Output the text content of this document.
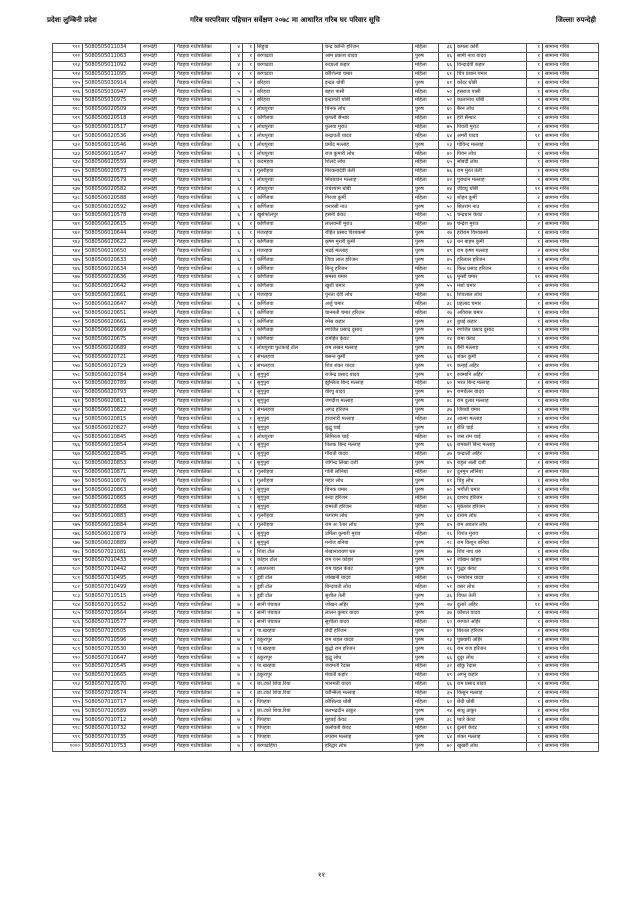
प्रदेशः लुम्बिनी प्रदेश	गरिब घरपरिवार पहिचान सर्वेक्षण २०७८ मा आधारित गरिब घर परिवार सूचि	जिल्लाः रुपन्देही
९२१	5080505011034	रुपन्देही	गैडहवा गाउँपालिका	४	१	सिहुवा	चन्द्र कान्ति हरिजन	महिला	३६	कमला कोरी	१	सामान्य गरिब
९२२	5080505011063	रुपन्देही	गैडहवा गाउँपालिका	४	१	बरगाढवा	आम प्रकाश यादव	पुरुष	४६	सामी नाथ यादव	१	सामान्य गरिब
९२३	5080505011092	रुपन्देही	गैडहवा गाउँपालिका	४	१	बरगाढवा	रुदयलो कहार	महिला	६६	विन्दादेवी कहार	१	सामान्य गरिब
९२४	5080505011095	रुपन्देही	गैडहवा गाउँपालिका	४	१	बरगाढवा	कौशिल्या चमार	महिला	६१	चिप प्रधान चमार	१	सामान्य गरिब
९२५	5080505030914	रुपन्देही	गैडहवा गाउँपालिका	५	२	बरिहवा	इन्द्रत धोबी	पुरुष	४१	कोदर धोबी	१	सामान्य गरिब
९२६	5080505030947	रुपन्देही	गैडहवा गाउँपालिका	५	२	बरिहवा	बहरा पासी	महिला	५०	हसराज पासी	१	सामान्य गरिब
९२७	5080505030975	रुपन्देही	गैडहवा गाउँपालिका	५	२	बरिहवा	इन्द्रावती धोबी	महिला	५२	कालानाथ धोबी	१	सामान्य गरिब
९२८	5080506020509	रुपन्देही	गैडहवा गाउँपालिका	६	१	लोधपुरवा	चिनक लोध	पुरुष	६०	बैरन लोध	१	सामान्य गरिब
९२९	5080506020518	रुपन्देही	गैडहवा गाउँपालिका	६	१	कर्णिजवा	कृपली सैन्धार	महिला	७१	हरी सैन्धार	१	सामान्य गरिब
९३०	5080506010517	रुपन्देही	गैडहवा गाउँपालिका	६	१	लोधपुरवा	फुलवा मुराउ	महिला	७५	पिवती मुराउ	१	सामान्य गरिब
९३१	5080506020536	रुपन्देही	गैडहवा गाउँपालिका	६	१	लोधपुरवा	बन्द्रावती यादव	महिला	६४	अमरी यादव	११	सामान्य गरिब
९३२	5080506010546	रुपन्देही	गैडहवा गाउँपालिका	६	१	लोधपुरवा	प्रमोद मल्लाह	पुरुष	०३	गोविन्द मल्लाह	१	सामान्य गरिब
९३३	5080506010547	रुपन्देही	गैडहवा गाउँपालिका	६	१	लोधपुरवा	राज कुमारी लोध	महिला	४०	पिवन लोध	१	सामान्य गरिब
९३४	5080506020559	रुपन्देही	गैडहवा गाउँपालिका	६	१	कदमहवा	शिलदे लोध	महिला	६५	सोबदी लोध	१	सामान्य गरिब
९३५	5080506020573	रुपन्देही	गैडहवा गाउँपालिका	६	१	गुलरीहवा	पिरकनादेवी तेली	महिला	७६	राम मुरत तेली	१	सामान्य गरिब
९३६	5080506020579	रुपन्देही	गैडहवा गाउँपालिका	६	१	लोधपुरवा	सिवयावन मल्लाह	महिला	४२	पुराधान मल्लाह	१	सामान्य गरिब
९३७	5080506020582	रुपन्देही	गैडहवा गाउँपालिका	६	१	लोधपुरवा	राधेश्याम धोबी	पुरुष	४४	जीवधु धोबी	११	सामान्य गरिब
९३८	5080506020588	रुपन्देही	गैडहवा गाउँपालिका	६	१	कर्णिजवा	गिरजा कुर्मी	महिला	५३	शोहन कुर्मी	२	सामान्य गरिब
९३९	5080506020592	रुपन्देही	गैडहवा गाउँपालिका	६	१	कर्णिजवा	वनारसी नाउ	पुरुष	५०	सितराम नाउ	१	सामान्य गरिब
९४०	5080506010578	रुपन्देही	गैडहवा गाउँपालिका	६	१	खुर्सफोलपुर	हसनी केवट	महिला	५८	चन्द्रधान केवट	१	सामान्य गरिब
९४१	5080506020615	रुपन्देही	गैडहवा गाउँपालिका	६	१	कर्णिजवा	लालवन्ती मुराउ	महिला	४७	चंन्द्रेश मुराउ	२	सामान्य गरिब
९४२	5080506010644	रुपन्देही	गैडहवा गाउँपालिका	६	१	मंजरहवा	रोहित प्रसाद विश्वकर्मा	पुरुष	२७	हरीराम विश्वकर्मा	१	सामान्य गरिब
९४३	5080506020622	रुपन्देही	गैडहवा गाउँपालिका	६	१	कर्णिजवा	कृष्ण मुरारी कुर्मी	पुरुष	६३	धन बाहम कुर्मी	१	सामान्य गरिब
९४४	5080506010650	रुपन्देही	गैडहवा गाउँपालिका	६	१	मंजरहवा	भद्रई मल्लाह	पुरुष	४९	राम कृष्ण मल्लाह	२	सामान्य गरिब
९४५	5080506020633	रुपन्देही	गैडहवा गाउँपालिका	६	१	कर्णिजवा	जिवा लाल हरिजन	पुरुष	४५	हरिलाल हरिजन	१	सामान्य गरिब
९४६	5080506020634	रुपन्देही	गैडहवा गाउँपालिका	६	१	कर्णिजवा	बिन्दु हरिजन	महिला	२८	किश्न प्रसाद हरिजन	१	सामान्य गरिब
९४७	5080506020636	रुपन्देही	गैडहवा गाउँपालिका	६	१	कर्णिजवा	समसा चमार	पुरुष	६६	मुन्सी चमार	११	सामान्य गरिब
९४८	5080506020642	रुपन्देही	गैडहवा गाउँपालिका	६	१	कर्णिजवा	खुशी चमार	पुरुष	५५	मशो चमार	१	सामान्य गरिब
९४९	5080506010661	रुपन्देही	गैडहवा गाउँपालिका	६	१	मंजरहवा	पुनता देवी लोध	महिला	४८	शिवलाल लोध	१	सामान्य गरिब
९५०	5080506020647	रुपन्देही	गैडहवा गाउँपालिका	६	१	कर्णिजवा	अर्जु चमार	महिला	३८	प्रहलाद चमार	१	सामान्य गरिब
९५१	5080506020651	रुपन्देही	गैडहवा गाउँपालिका	६	१	कर्णिजवा	चानमती चमार हरिजन	महिला	२७	अविरास चमार	१	सामान्य गरिब
९५२	5080506020661	रुपन्देही	गैडहवा गाउँपालिका	६	१	कर्णिजवा	रमेस कहार	पुरुष	३१	बुधई कहार	१	सामान्य गरिब
९५३	5080506020669	रुपन्देही	गैडहवा गाउँपालिका	६	१	कर्णिजवा	रणजित प्रसाद दुसाद	पुरुष	४५	रणजित प्रसाद दुसाद	१	सामान्य गरिब
९५४	5080506020675	रुपन्देही	गैडहवा गाउँपालिका	६	१	कर्णिजवा	रामहित केवट	पुरुष	२४	रामा केवट	१	सामान्य गरिब
९५५	5080506020689	रुपन्देही	गैडहवा गाउँपालिका	६	१	लोधपुरवा फुटकाई टोल	राम लखन मल्लाह	पुरुष	४६	बैनी मल्लाह	१	सामान्य गरिब
९५६	5080506020721	रुपन्देही	गैडहवा गाउँपालिका	६	१	संभलहवा	बसन्त कुर्मी	पुरुष	६६	शंकर कुर्मी	१	सामान्य गरिब
९५७	5080506020729	रुपन्देही	गैडहवा गाउँपालिका	६	१	संभलहवा	शिव शंकर यादव	पुरुष	२९	कन्हई अहिर	१	सामान्य गरिब
९५८	5080506020784	रुपन्देही	गैडहवा गाउँपालिका	६	१	सुगुपुरा	राजेन्द्र प्रसाद यादव	पुरुष	४९	रुक्मानि अहिर	१	सामान्य गरिब
९५९	5080506020789	रुपन्देही	गैडहवा गाउँपालिका	६	१	सुगुपुरा	झुम्लिता बिन्द मल्लाह	महिला	६०	भरत बिन्द मल्लाह	१	सामान्य गरिब
९६०	5080506020793	रुपन्देही	गैडहवा गाउँपालिका	६	१	सुगुपुरा	वीरपु यादव	पुरुष	७५	रामचेलन यादव	१	सामान्य गरिब
९६१	5080506020811	रुपन्देही	गैडहवा गाउँपालिका	६	१	सुगुपुरा	जगदीश मल्लाह	पुरुष	४८	राम दुलार मल्लाह	१	सामान्य गरिब
९६२	5080506010822	रुपन्देही	गैडहवा गाउँपालिका	६	१	संभलहवा	अगद हरिजन	पुरुष	३७	जिवधी चमार	१	सामान्य गरिब
९६३	5080506020815	रुपन्देही	गैडहवा गाउँपालिका	६	१	सुगुपुरा	हाजनारी मल्लाह	महिला	३४	आत्मा मल्लाह	१	सामान्य गरिब
९६४	5080506020827	रुपन्देही	गैडहवा गाउँपालिका	६	१	सुगुपुरा	बुद्धु चाई	पुरुष	४१	रोति चाई	१	सामान्य गरिब
९६५	5080506010845	रुपन्देही	गैडहवा गाउँपालिका	६	१	लोधपुरवा	सिमिरता चाई	महिला	४५	जस राम चाई	१	सामान्य गरिब
९६६	5080506010854	रुपन्देही	गैडहवा गाउँपालिका	६	१	सुगुपुरा	तिलक बिन्द मल्लाह	पुरुष	६६	रामबली बिन्द मल्लाह	१	सामान्य गरिब
९६७	5080506020845	रुपन्देही	गैडहवा गाउँपालिका	६	१	सुगुपुरा	गौराती यादव	महिला	३७	चन्द्राली अहिर	१	सामान्य गरिब
९६८	5080506020853	रुपन्देही	गैडहवा गाउँपालिका	६	१	सुगुपुरा	जोगेन्द्र लिखा दर्जी	पुरुष	४५	राहुल अली दर्जी	१	सामान्य गरिब
९६९	5080506010871	रुपन्देही	गैडहवा गाउँपालिका	६	१	गुलरीहवा	गोती लोनिया	महिला	४२	दुनमुन लोनिया	२	सामान्य गरिब
९७०	5080506010876	रुपन्देही	गैडहवा गाउँपालिका	६	१	गुलरीहवा	महार लोध	पुरुष	४१	चिहु लोध	१	सामान्य गरिब
९७१	5080506020863	रुपन्देही	गैडहवा गाउँपालिका	६	१	सुगुपुरा	चिनक चमार	पुरुष	७०	भगौती चमार	१	सामान्य गरिब
९७२	5080506020865	रुपन्देही	गैडहवा गाउँपालिका	६	१	सुगुपुरा	रुन्दा हरिजन	महिला	३६	दशरथ हरिजन	१	सामान्य गरिब
९७३	5080506020868	रुपन्देही	गैडहवा गाउँपालिका	६	१	सुगुपुरा	रामरती हरिजन	महिला	५०	मुकेश्वर हरिजन	१	सामान्य गरिब
९७४	5080506010883	रुपन्देही	गैडहवा गाउँपालिका	६	१	गुलरीहवा	फगराम लोध	पुरुष	६४	दाराम लोध	१	सामान्य गरिब
९७५	5080506010884	रुपन्देही	गैडहवा गाउँपालिका	६	१	गुलरीहवा	राम अौतार लोध	पुरुष	४५	राम अवतार लोध	१	सामान्य गरिब
९७६	5080506020879	रुपन्देही	गैडहवा गाउँपालिका	६	१	सुगुपुरा	उर्मिला कुमारी मुराव	महिला	२६	विशंत मुराव	१	सामान्य गरिब
९७७	5080506020889	रुपन्देही	गैडहवा गाउँपालिका	६	१	सुगुपुरा	मनोज बनिया	पुरुष	२८	राम किशुन बनिया	१	सामान्य गरिब
९७८	5080507021081	रुपन्देही	गैडहवा गाउँपालिका	७	१	शिवा टोल	शेखानारायण धरु	पुरुष	७७	शिव नाथ धरु	१	सामान्य गरिब
९७९	5080507010433	रुपन्देही	गैडहवा गाउँपालिका	७	१	कोहार टोल	राम रतन कोहार	पुरुष	५२	जोखन कोहार	१	सामान्य गरिब
९८०	5080507010442	रुपन्देही	गैडहवा गाउँपालिका	७	१	आठपतवा	राम चहल केवट	पुरुष	४९	गुद्धर केवट	१	सामान्य गरिब
९८१	5080507010495	रुपन्देही	गैडहवा गाउँपालिका	७	१	डुडी टोल	जोखानी यादव	महिला	६५	पनयोवन यादव	१	सामान्य गरिब
९८२	5080507010499	रुपन्देही	गैडहवा गाउँपालिका	७	१	डुडी टोल	बिन्दावती लोध	महिला	५१	वसर लोध	१	सामान्य गरिब
९८३	5080507010515	रुपन्देही	गैडहवा गाउँपालिका	७	१	डुडी टोल	सुशील तेली	पुरुष	३६	विपत तेली	१	सामान्य गरिब
९८४	5080507010552	रुपन्देही	गैडहवा गाउँपालिका	७	१	सानी पंचायत	जोखन अहिर	पुरुष	२७	दुलारे अहिर	११	सामान्य गरिब
९८५	5080507010564	रुपन्देही	गैडहवा गाउँपालिका	७	१	सानी पंचायत	लालन कुमार यादव	पुरुष	३७	कौशल यादव	१	सामान्य गरिब
९८६	5080507010577	रुपन्देही	गैडहवा गाउँपालिका	७	१	सानी पंचायत	सुशीला यादव	महिला	६०	रमपात अहिर	१	सामान्य गरिब
९८७	5080507020505	रुपन्देही	गैडहवा गाउँपालिका	७	१	पा.खरहवा	छेदी हरिजन	पुरुष	४०	बिरतल हरिजन	१	सामान्य गरिब
९८८	5080507010596	रुपन्देही	गैडहवा गाउँपालिका	७	१	ठकुरापुर	राम शहल यादव	पुरुष	२३	पुछवारी अहिर	१	सामान्य गरिब
९८९	5080507020530	रुपन्देही	गैडहवा गाउँपालिका	७	१	पा.खरहवा	बुद्धो राम हरिजन	पुरुष	२६	राम राज हरिजन	१	सामान्य गरिब
९९०	5080507010647	रुपन्देही	गैडहवा गाउँपालिका	७	१	ठकुरापुर	बुद्धु लोध	पुरुष	६६	दुदुर लोध	१	सामान्य गरिब
९९१	5080507020545	रुपन्देही	गैडहवा गाउँपालिका	७	१	पा.खरहवा	जरामती रैदास	महिला	३२	बाँकु रैदास	१	सामान्य गरिब
९९२	5080507010665	रुपन्देही	गैडहवा गाउँपालिका	७	१	ठकुरापुर	मेवाती कहांर	महिला	४९	अगनु कहांर	१	सामान्य गरिब
९९३	5080507020570	रुपन्देही	गैडहवा गाउँपालिका	७	१	छा.टको शिवा.रिया	भानमती यादव	महिला	६६	राम प्रसाद यादव	१	सामान्य गरिब
९९४	5080507020574	रुपन्देही	गैडहवा गाउँपालिका	७	१	छा.टको शिवा.रिया	कोन्सिला मल्लाह	महिला	३५	किसुन मल्लाह	१	सामान्य गरिब
९९५	5080507010717	रुपन्देही	गैडहवा गाउँपालिका	७	१	पिपहवा	कौसिल्या धोबी	महिला	६०	छेदी धोबी	१	सामान्य गरिब
९९६	5080507020589	रुपन्देही	गैडहवा गाउँपालिका	७	१	छा.टको शिवा.रिया	बलभद्रदीन ठाकुर	पुरुष	२४	साधु ठाकुर	१	सामान्य गरिब
९९७	5080507010712	रुपन्देही	गैडहवा गाउँपालिका	७	१	पिपहवा	मुहवई केवट	पुरुष	३८	प्यारे केवट	१	सामान्य गरिब
९९८	5080507010732	रुपन्देही	गैडहवा गाउँपालिका	७	१	पिपहवा	कलोवती केवट	महिला	६१	दुलारे केवट	१	सामान्य गरिब
९९९	5080507010735	रुपन्देही	गैडहवा गाउँपालिका	७	१	पिपहवा	रुपराम मल्लाह	पुरुष	६४	शंकर मल्लाह	१	सामान्य गरिब
१०००	5080507010753	रुपन्देही	गैडहवा गाउँपालिका	७	१	बरगाढहिपा	हरिद्वार लोध	पुरुष	७०	खुखरी लोध	१	सामान्य गरिब
११
